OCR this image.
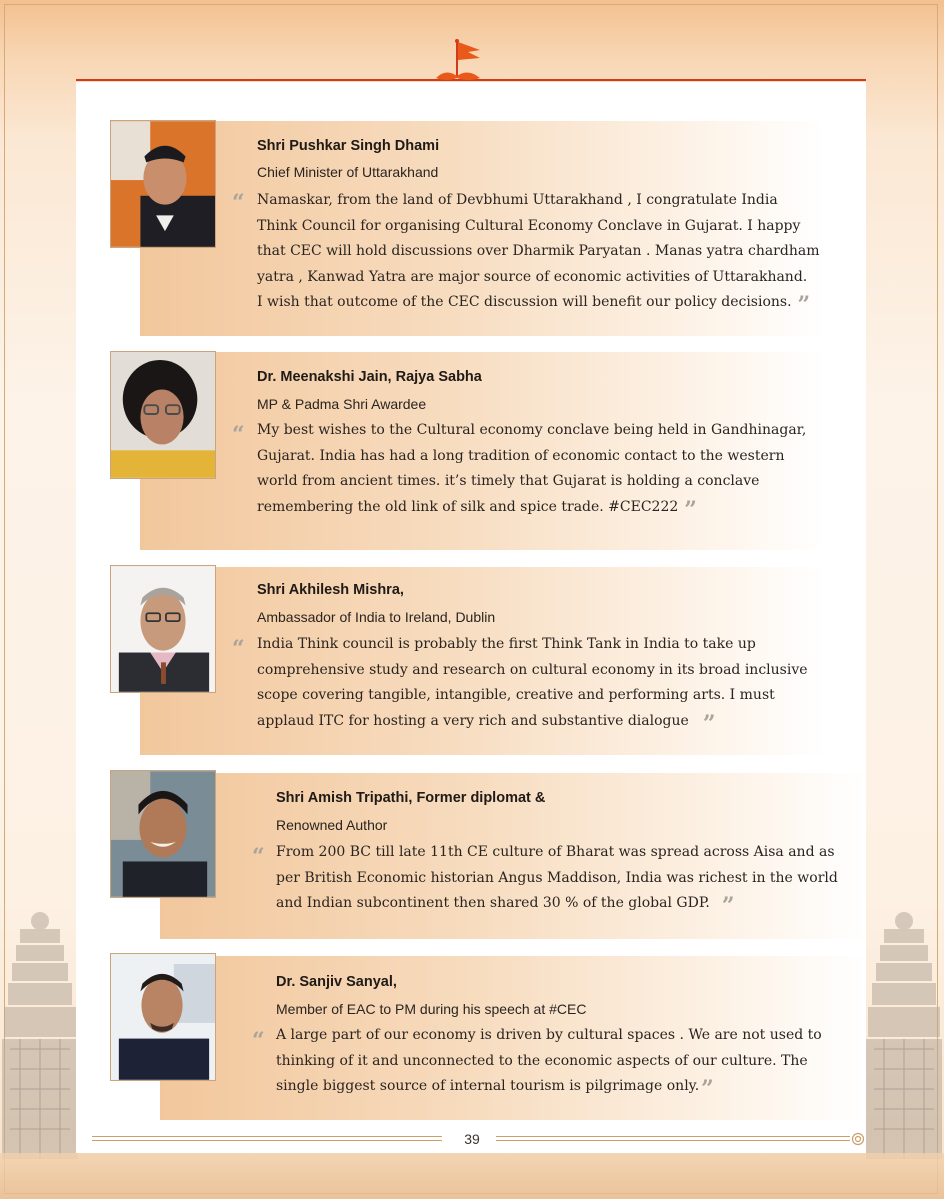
Shri Pushkar Singh Dhami
Chief Minister of Uttarakhand
“ Namaskar, from the land of Devbhumi Uttarakhand , I congratulate India
Think Council for organising Cultural Economy Conclave in Gujarat. I happy
that CEC will hold discussions over Dharmik Paryatan . Manas yatra chardham
yatra , Kanwad Yatra are major source of economic activities of Uttarakhand.
I wish that outcome of the CEC discussion will benefit our policy decisions. ”

Dr. Meenakshi Jain, Rajya Sabha
MP & Padma Shri Awardee
“ My best wishes to the Cultural economy conclave being held in Gandhinagar,
Gujarat. India has had a long tradition of economic contact to the western
world from ancient times. it’s timely that Gujarat is holding a conclave
remembering the old link of silk and spice trade. #CEC222 ”

Shri Akhilesh Mishra,
Ambassador of India to Ireland, Dublin
“ India Think council is probably the first Think Tank in India to take up
comprehensive study and research on cultural economy in its broad inclusive
scope covering tangible, intangible, creative and performing arts. I must
applaud ITC for hosting a very rich and substantive dialogue ”

Shri Amish Tripathi, Former diplomat &
Renowned Author
“ From 200 BC till late 11th CE culture of Bharat was spread across Aisa and as
per British Economic historian Angus Maddison, India was richest in the world
and Indian subcontinent then shared 30 % of the global GDP. ”

Dr. Sanjiv Sanyal,
Member of EAC to PM during his speech at #CEC
“ A large part of our economy is driven by cultural spaces . We are not used to
thinking of it and unconnected to the economic aspects of our culture. The
single biggest source of internal tourism is pilgrimage only.”

39
